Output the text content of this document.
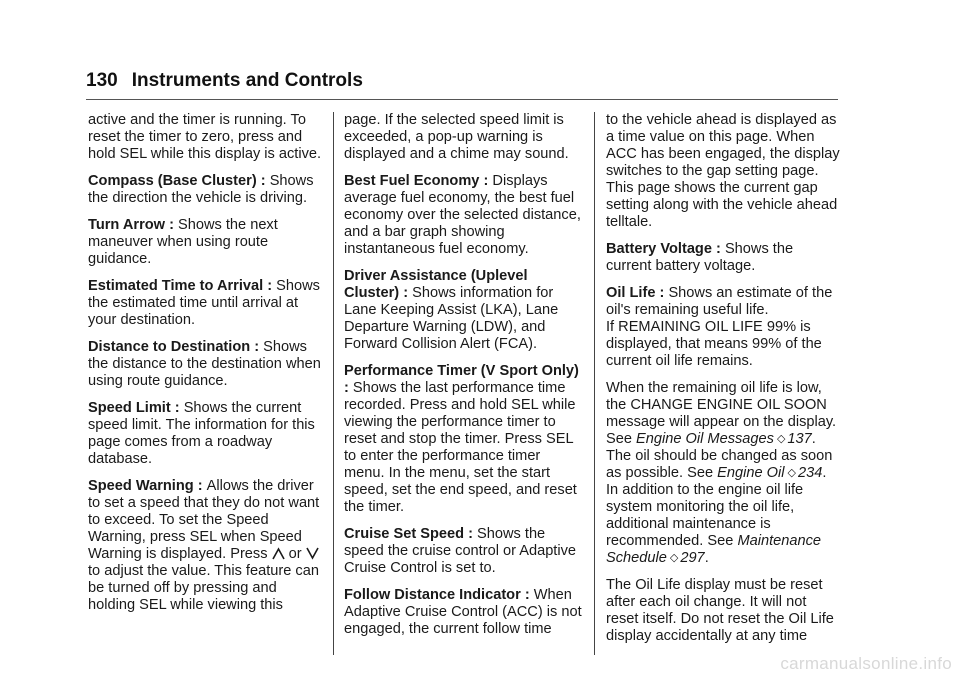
130 Instruments and Controls

active and the timer is running. To reset the timer to zero, press and hold SEL while this display is active.

Compass (Base Cluster) : Shows the direction the vehicle is driving.

Turn Arrow : Shows the next maneuver when using route guidance.

Estimated Time to Arrival : Shows the estimated time until arrival at your destination.

Distance to Destination : Shows the distance to the destination when using route guidance.

Speed Limit : Shows the current speed limit. The information for this page comes from a roadway database.

Speed Warning : Allows the driver to set a speed that they do not want to exceed. To set the Speed Warning, press SEL when Speed Warning is displayed. Press or  to adjust the value. This feature can be turned off by pressing and holding SEL while viewing this

page. If the selected speed limit is exceeded, a pop-up warning is displayed and a chime may sound.

Best Fuel Economy : Displays average fuel economy, the best fuel economy over the selected distance, and a bar graph showing instantaneous fuel economy.

Driver Assistance (Uplevel Cluster) : Shows information for Lane Keeping Assist (LKA), Lane Departure Warning (LDW), and Forward Collision Alert (FCA).

Performance Timer (V Sport Only) : Shows the last performance time recorded. Press and hold SEL while viewing the performance timer to reset and stop the timer. Press SEL to enter the performance timer menu. In the menu, set the start speed, set the end speed, and reset the timer.

Cruise Set Speed : Shows the speed the cruise control or Adaptive Cruise Control is set to.

Follow Distance Indicator : When Adaptive Cruise Control (ACC) is not engaged, the current follow time

to the vehicle ahead is displayed as a time value on this page. When ACC has been engaged, the display switches to the gap setting page. This page shows the current gap setting along with the vehicle ahead telltale.

Battery Voltage : Shows the current battery voltage.

Oil Life : Shows an estimate of the oil's remaining useful life.
If REMAINING OIL LIFE 99% is displayed, that means 99% of the current oil life remains.

When the remaining oil life is low, the CHANGE ENGINE OIL SOON message will appear on the display. See Engine Oil Messages ◇ 137. The oil should be changed as soon as possible. See Engine Oil ◇ 234. In addition to the engine oil life system monitoring the oil life, additional maintenance is recommended. See Maintenance Schedule ◇ 297.

The Oil Life display must be reset after each oil change. It will not reset itself. Do not reset the Oil Life display accidentally at any time

carmanualsonline.info
